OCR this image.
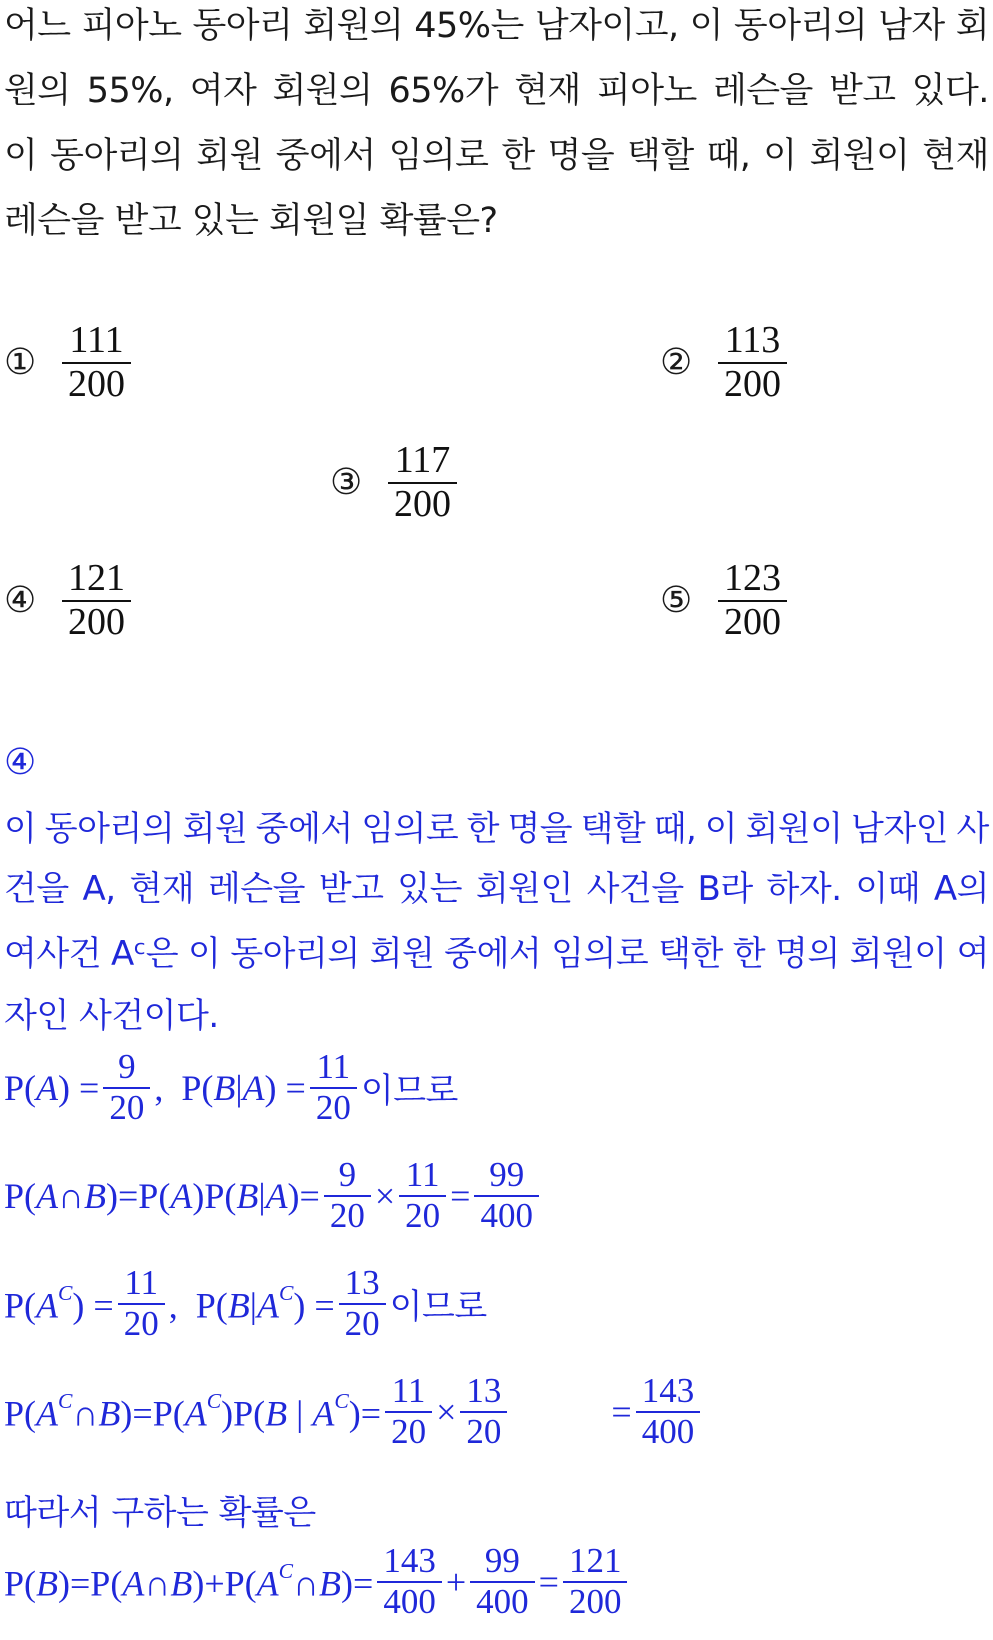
어느 피아노 동아리 회원의 45%는 남자이고, 이 동아리의 남자 회
원의 55%, 여자 회원의 65%가 현재 피아노 레슨을 받고 있다.
이 동아리의 회원 중에서 임의로 한 명을 택할 때, 이 회원이 현재
레슨을 받고 있는 회원일 확률은?
① $\frac{111}{200}$	② $\frac{113}{200}$
③ $\frac{117}{200}$
④ $\frac{121}{200}$	⑤ $\frac{123}{200}$
④
이 동아리의 회원 중에서 임의로 한 명을 택할 때, 이 회원이 남자인 사
건을 A, 현재 레슨을 받고 있는 회원인 사건을 B라 하자. 이때 A의
여사건 Aᶜ은 이 동아리의 회원 중에서 임의로 택한 한 명의 회원이 여
자인 사건이다.
$P(A) = \frac{9}{20}$ ,  $P(B|A) = \frac{11}{20}$ 이므로
P(A∩B)=P(A)P(B|A)= $\frac{9}{20} \times \frac{11}{20} = \frac{99}{400}$
$P(A^C) = \frac{11}{20}$ ,  $P(B|A^C) = \frac{13}{20}$ 이므로
$P(A^C\cap B)=P(A^C)P(B$ | $A^C)= \frac{11}{20} \times \frac{13}{20}$	= $\frac{143}{400}$
따라서 구하는 확률은
$P(B)=P(A\cap B)+P(A^C\cap B)= \frac{143}{400} + \frac{99}{400} = \frac{121}{200}$
